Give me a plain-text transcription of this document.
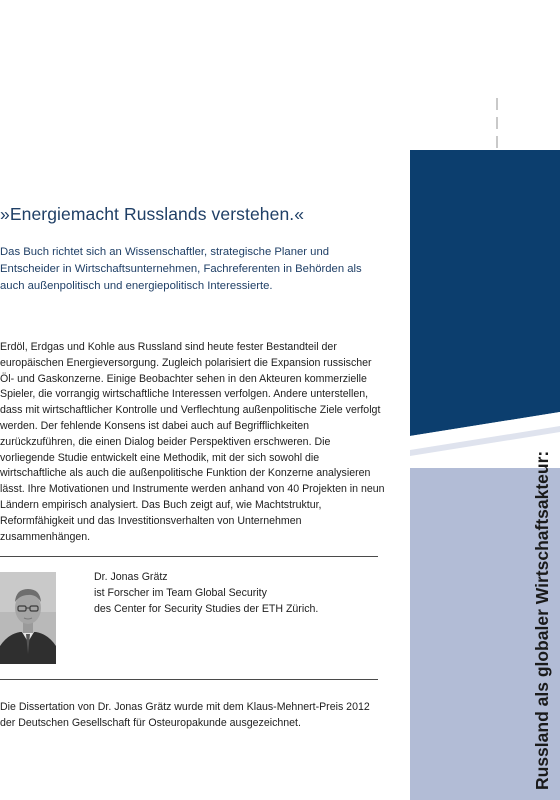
Russland als globaler Wirtschaftsakteur:
»Energiemacht Russlands verstehen.«
Das Buch richtet sich an Wissenschaftler, strategische Planer und Entscheider in Wirtschaftsunternehmen, Fachreferenten in Behörden als auch außenpolitisch und energiepolitisch Interessierte.
Erdöl, Erdgas und Kohle aus Russland sind heute fester Bestandteil der europäischen Energieversorgung. Zugleich polarisiert die Expansion russischer Öl- und Gaskonzerne. Einige Beobachter sehen in den Akteuren kommerzielle Spieler, die vorrangig wirtschaftliche Interessen verfolgen. Andere unterstellen, dass mit wirtschaftlicher Kontrolle und Verflechtung außenpolitische Ziele verfolgt werden. Der fehlende Konsens ist dabei auch auf Begrifflichkeiten zurückzuführen, die einen Dialog beider Perspektiven erschweren. Die vorliegende Studie entwickelt eine Methodik, mit der sich sowohl die wirtschaftliche als auch die außenpolitische Funktion der Konzerne analysieren lässt. Ihre Motivationen und Instrumente werden anhand von 40 Projekten in neun Ländern empirisch analysiert. Das Buch zeigt auf, wie Machtstruktur, Reformfähigkeit und das Investitionsverhalten von Unternehmen zusammenhängen.
Dr. Jonas Grätz
ist Forscher im Team Global Security
des Center for Security Studies der ETH Zürich.
Die Dissertation von Dr. Jonas Grätz wurde mit dem Klaus-Mehnert-Preis 2012 der Deutschen Gesellschaft für Osteuropakunde ausgezeichnet.
